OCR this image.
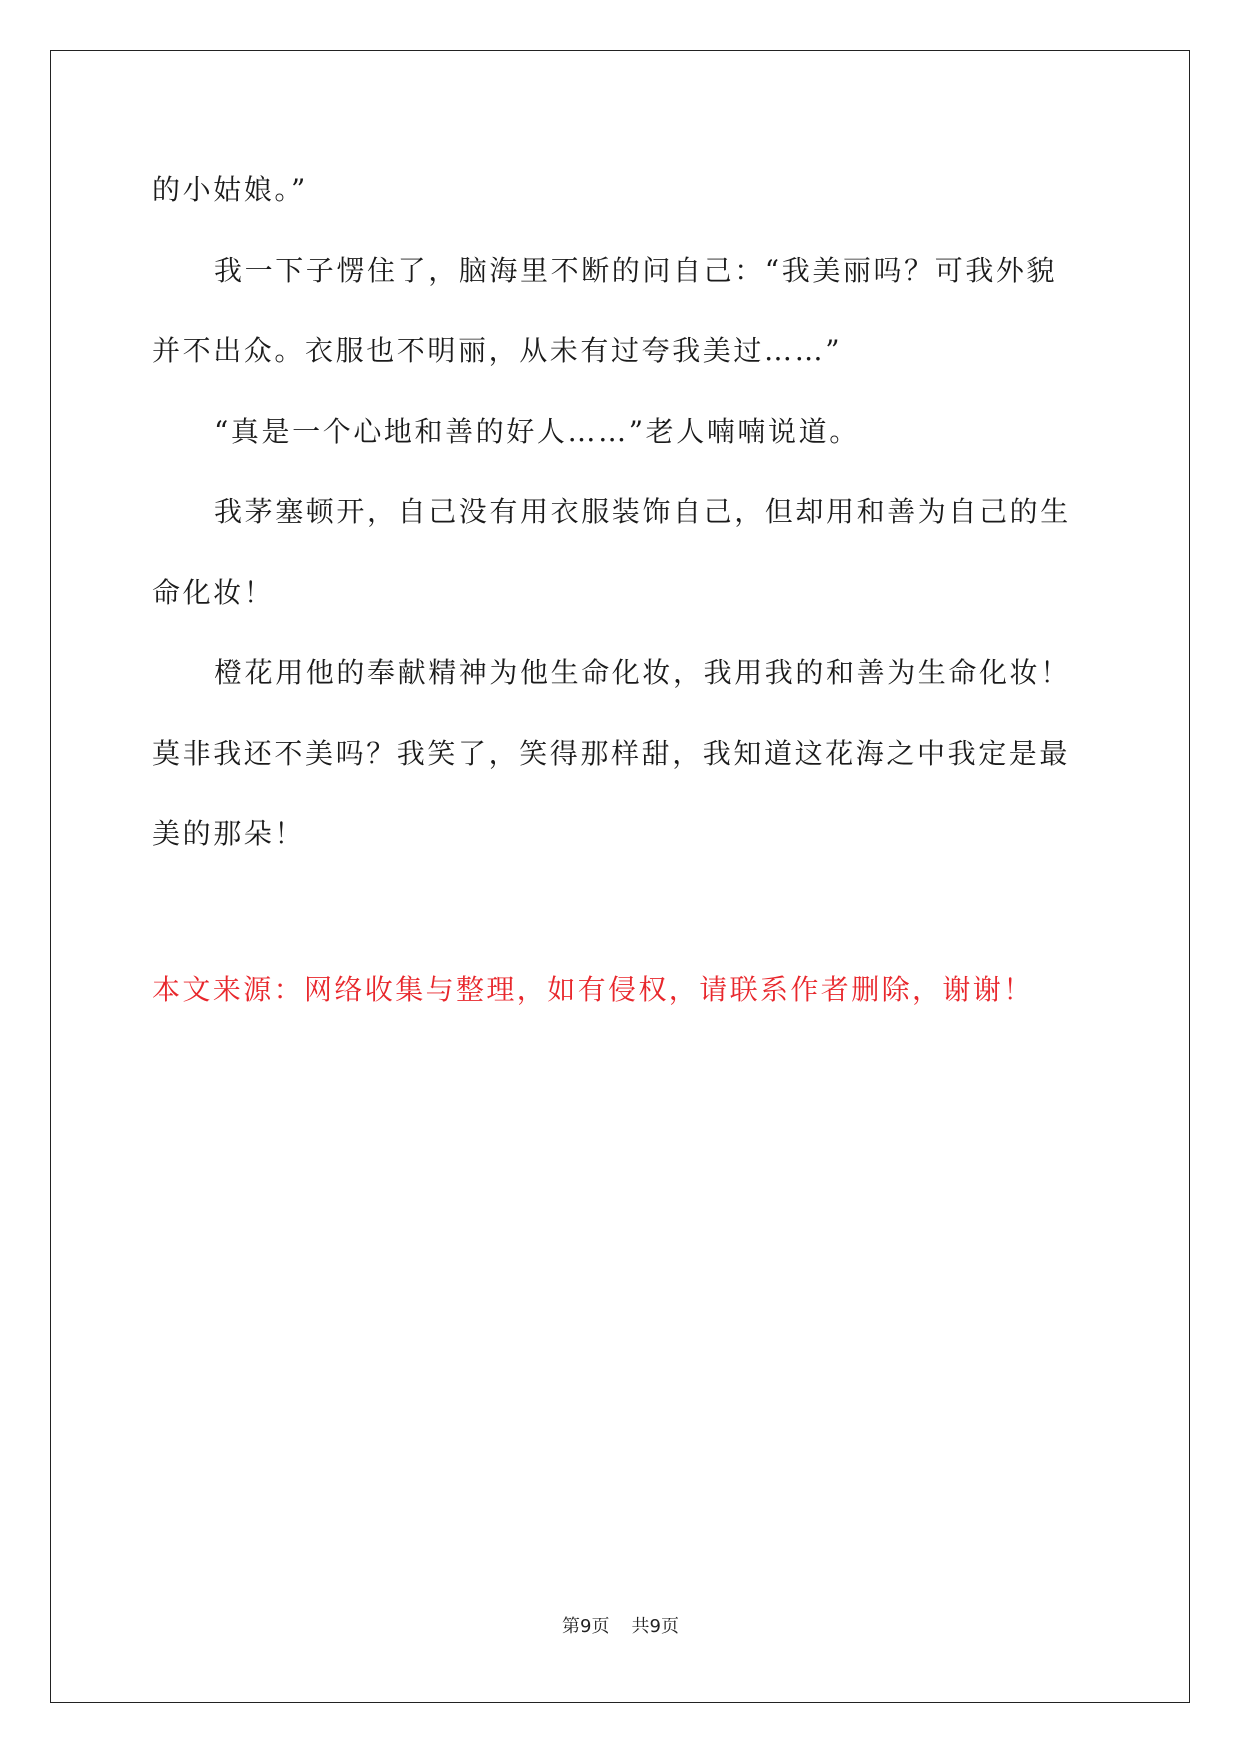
的小姑娘。”
我一下子愣住了，脑海里不断的问自己：“我美丽吗？可我外貌
并不出众。衣服也不明丽，从未有过夸我美过……”
“真是一个心地和善的好人……”老人喃喃说道。
我茅塞顿开，自己没有用衣服装饰自己，但却用和善为自己的生
命化妆！
橙花用他的奉献精神为他生命化妆，我用我的和善为生命化妆！
莫非我还不美吗？我笑了，笑得那样甜，我知道这花海之中我定是最
美的那朵！
本文来源：网络收集与整理，如有侵权，请联系作者删除，谢谢！
第9页 共9页
